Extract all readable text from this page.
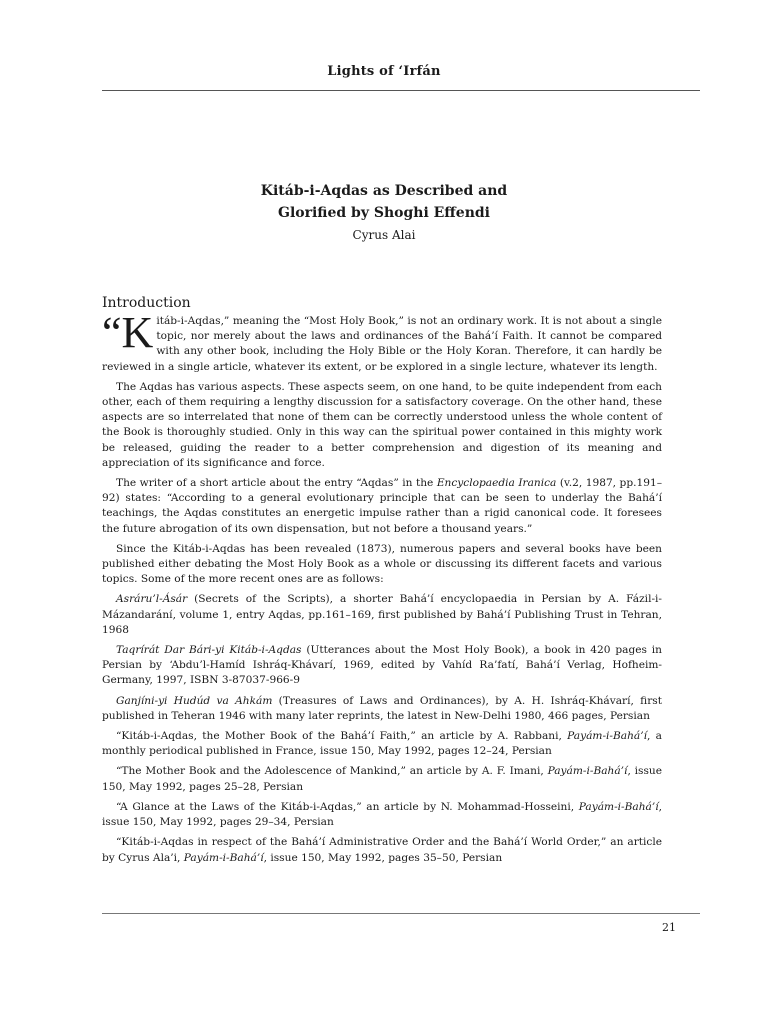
Lights of ‘Irfán
Kitáb-i-Aqdas as Described and
Glorified by Shoghi Effendi
Cyrus Alai
Introduction

“K itáb-i-Aqdas,” meaning the “Most Holy Book,” is not an ordinary work. It is not about a single topic, nor merely about the laws and ordinances of the Bahá’í Faith. It cannot be compared with any other book, including the Holy Bible or the Holy Koran. Therefore, it can hardly be reviewed in a single article, whatever its extent, or be explored in a single lecture, whatever its length.

The Aqdas has various aspects. These aspects seem, on one hand, to be quite independent from each other, each of them requiring a lengthy discussion for a satisfactory coverage. On the other hand, these aspects are so interrelated that none of them can be correctly understood unless the whole content of the Book is thoroughly studied. Only in this way can the spiritual power contained in this mighty work be released, guiding the reader to a better comprehension and digestion of its meaning and appreciation of its significance and force.

The writer of a short article about the entry “Aqdas” in the Encyclopaedia Iranica (v.2, 1987, pp.191–92) states: “According to a general evolutionary principle that can be seen to underlay the Bahá’í teachings, the Aqdas constitutes an energetic impulse rather than a rigid canonical code. It foresees the future abrogation of its own dispensation, but not before a thousand years.”

Since the Kitáb-i-Aqdas has been revealed (1873), numerous papers and several books have been published either debating the Most Holy Book as a whole or discussing its different facets and various topics. Some of the more recent ones are as follows:

Asráru’l-Ásár (Secrets of the Scripts), a shorter Bahá’í encyclopaedia in Persian by A. Fázil-i-Mázandarání, volume 1, entry Aqdas, pp.161–169, first published by Bahá’í Publishing Trust in Tehran, 1968

Taqrírát Dar Bári-yi Kitáb-i-Aqdas (Utterances about the Most Holy Book), a book in 420 pages in Persian by ‘Abdu’l-Hamíd Ishráq-Khávarí, 1969, edited by Vahíd Ra’fatí, Bahá’í Verlag, Hofheim-Germany, 1997, ISBN 3-87037-966-9

Ganjíni-yi Hudúd va Ahkám (Treasures of Laws and Ordinances), by A. H. Ishráq-Khávarí, first published in Teheran 1946 with many later reprints, the latest in New-Delhi 1980, 466 pages, Persian

“Kitáb-i-Aqdas, the Mother Book of the Bahá’í Faith,” an article by A. Rabbani, Payám-i-Bahá’í, a monthly periodical published in France, issue 150, May 1992, pages 12–24, Persian

“The Mother Book and the Adolescence of Mankind,” an article by A. F. Imani, Payám-i-Bahá’í, issue 150, May 1992, pages 25–28, Persian

“A Glance at the Laws of the Kitáb-i-Aqdas,” an article by N. Mohammad-Hosseini, Payám-i-Bahá’í, issue 150, May 1992, pages 29–34, Persian

“Kitáb-i-Aqdas in respect of the Bahá’í Administrative Order and the Bahá’í World Order,” an article by Cyrus Ala’i, Payám-i-Bahá’í, issue 150, May 1992, pages 35–50, Persian

21
